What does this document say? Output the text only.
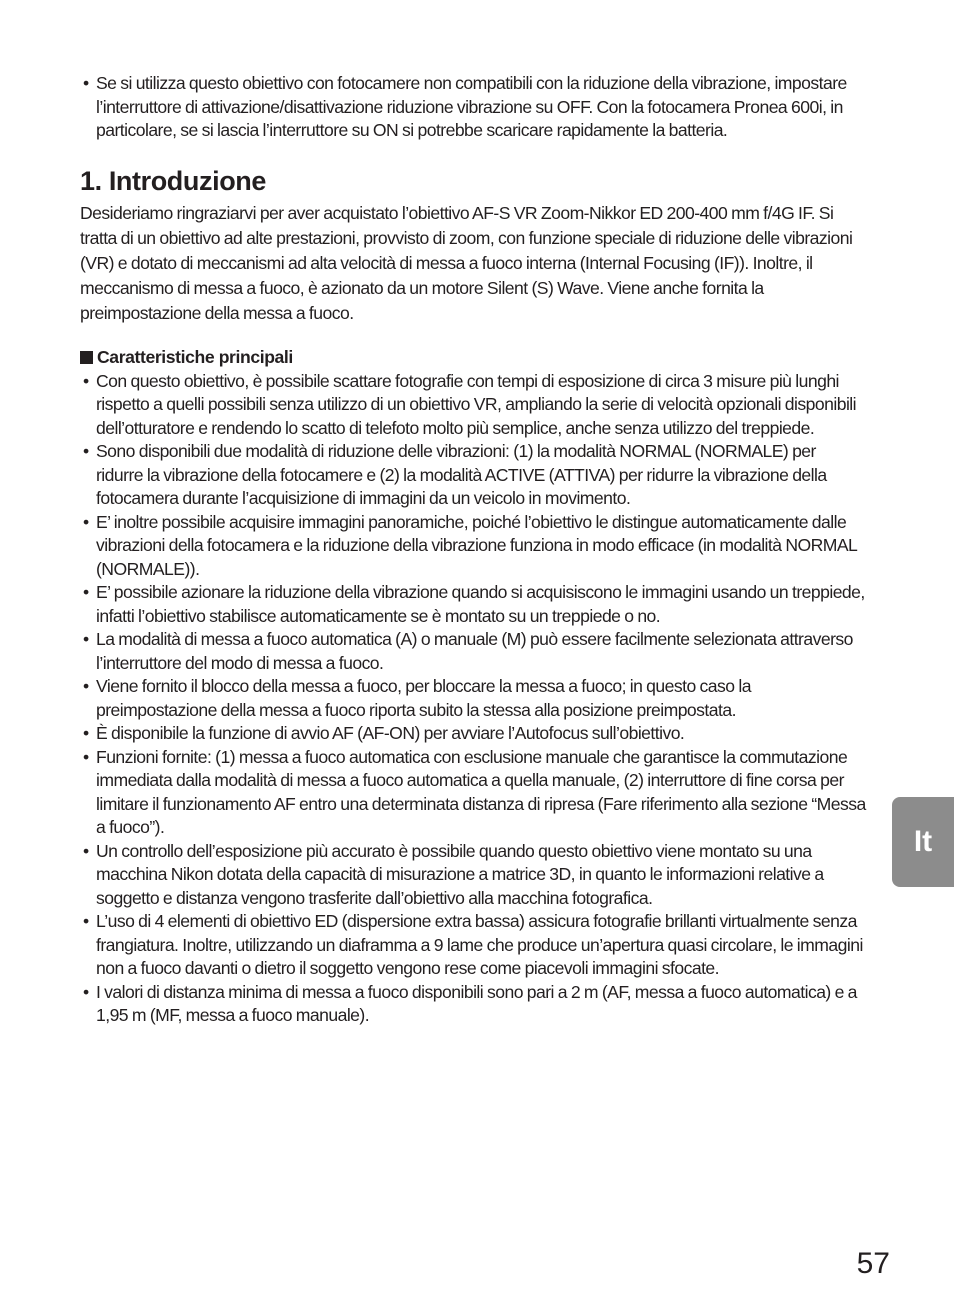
• Se si utilizza questo obiettivo con fotocamere non compatibili con la riduzione della vibrazione, impostare l’interruttore di attivazione/disattivazione riduzione vibrazione su OFF. Con la fotocamera Pronea 600i, in particolare, se si lascia l’interruttore su ON si potrebbe scaricare rapidamente la batteria.
1. Introduzione

Desideriamo ringraziarvi per aver acquistato l’obiettivo AF-S VR Zoom-Nikkor ED 200-400 mm f/4G IF. Si tratta di un obiettivo ad alte prestazioni, provvisto di zoom, con funzione speciale di riduzione delle vibrazioni (VR) e dotato di meccanismi ad alta velocità di messa a fuoco interna (Internal Focusing (IF)). Inoltre, il meccanismo di messa a fuoco, è azionato da un motore Silent (S) Wave. Viene anche fornita la preimpostazione della messa a fuoco.

Caratteristiche principali
• Con questo obiettivo, è possibile scattare fotografie con tempi di esposizione di circa 3 misure più lunghi rispetto a quelli possibili senza utilizzo di un obiettivo VR, ampliando la serie di velocità opzionali disponibili dell’otturatore e rendendo lo scatto di telefoto molto più semplice, anche senza utilizzo del treppiede.
• Sono disponibili due modalità di riduzione delle vibrazioni: (1) la modalità NORMAL (NORMALE) per ridurre la vibrazione della fotocamere e (2) la modalità ACTIVE (ATTIVA) per ridurre la vibrazione della fotocamera durante l’acquisizione di immagini da un veicolo in movimento.
• E’ inoltre possibile acquisire immagini panoramiche, poiché l’obiettivo le distingue automaticamente dalle vibrazioni della fotocamera e la riduzione della vibrazione funziona in modo efficace (in modalità NORMAL (NORMALE)).
• E’ possibile azionare la riduzione della vibrazione quando si acquisiscono le immagini usando un treppiede, infatti l’obiettivo stabilisce automaticamente se è montato su un treppiede o no.
• La modalità di messa a fuoco automatica (A) o manuale (M) può essere facilmente selezionata attraverso l’interruttore del modo di messa a fuoco.
• Viene fornito il blocco della messa a fuoco, per bloccare la messa a fuoco; in questo caso la preimpostazione della messa a fuoco riporta subito la stessa alla posizione preimpostata.
• È disponibile la funzione di avvio AF (AF-ON) per avviare l’Autofocus sull’obiettivo.
• Funzioni fornite: (1) messa a fuoco automatica con esclusione manuale che garantisce la commutazione immediata dalla modalità di messa a fuoco automatica a quella manuale, (2) interruttore di fine corsa per limitare il funzionamento AF entro una determinata distanza di ripresa (Fare riferimento alla sezione “Messa a fuoco”).
• Un controllo dell’esposizione più accurato è possibile quando questo obiettivo viene montato su una macchina Nikon dotata della capacità di misurazione a matrice 3D, in quanto le informazioni relative a soggetto e distanza vengono trasferite dall’obiettivo alla macchina fotografica.
• L’uso di 4 elementi di obiettivo ED (dispersione extra bassa) assicura fotografie brillanti virtualmente senza frangiatura. Inoltre, utilizzando un diaframma a 9 lame che produce un’apertura quasi circolare, le immagini non a fuoco davanti o dietro il soggetto vengono rese come piacevoli immagini sfocate.
• I valori di distanza minima di messa a fuoco disponibili sono pari a 2 m (AF, messa a fuoco automatica) e a 1,95 m (MF, messa a fuoco manuale).
It
57
